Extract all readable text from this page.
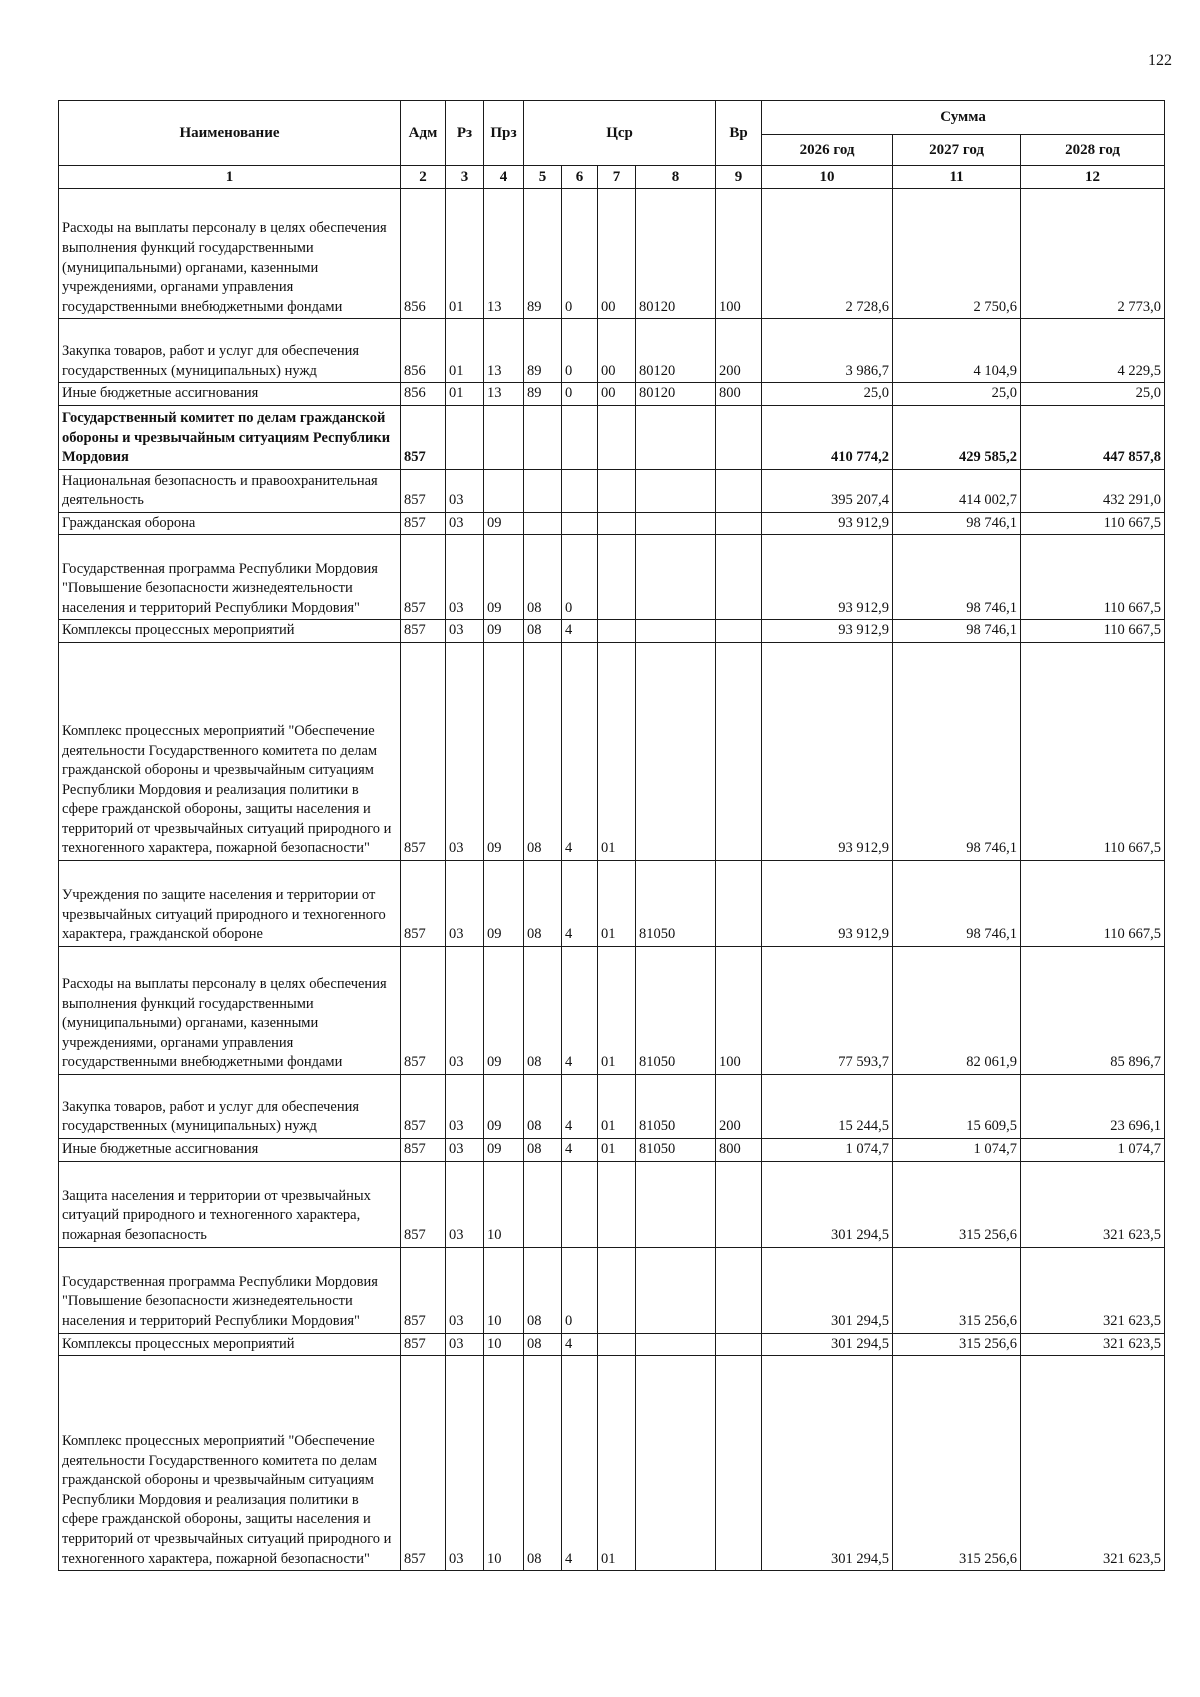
122
Наименование	Адм	Рз	Прз	Цср				Вр	Сумма		
									2026 год	2027 год	2028 год
1	2	3	4	5	6	7	8	9	10	11	12
Расходы на выплаты персоналу в целях обеспечения выполнения функций государственными (муниципальными) органами, казенными учреждениями, органами управления государственными внебюджетными фондами	856	01	13	89	0	00	80120	100	2 728,6	2 750,6	2 773,0
Закупка товаров, работ и услуг для обеспечения государственных (муниципальных) нужд	856	01	13	89	0	00	80120	200	3 986,7	4 104,9	4 229,5
Иные бюджетные ассигнования	856	01	13	89	0	00	80120	800	25,0	25,0	25,0
Государственный комитет по делам гражданской обороны и чрезвычайным ситуациям Республики Мордовия	857								410 774,2	429 585,2	447 857,8
Национальная безопасность и правоохранительная деятельность	857	03							395 207,4	414 002,7	432 291,0
Гражданская оборона	857	03	09						93 912,9	98 746,1	110 667,5
Государственная программа Республики Мордовия "Повышение безопасности жизнедеятельности населения и территорий Республики Мордовия"	857	03	09	08	0				93 912,9	98 746,1	110 667,5
Комплексы процессных мероприятий	857	03	09	08	4				93 912,9	98 746,1	110 667,5
Комплекс процессных мероприятий "Обеспечение деятельности Государственного комитета по делам гражданской обороны и чрезвычайным ситуациям Республики Мордовия и реализация политики в сфере гражданской обороны, защиты населения и территорий от чрезвычайных ситуаций природного и техногенного характера, пожарной безопасности"	857	03	09	08	4	01			93 912,9	98 746,1	110 667,5
Учреждения по защите населения и территории от чрезвычайных ситуаций природного и техногенного характера, гражданской обороне	857	03	09	08	4	01	81050		93 912,9	98 746,1	110 667,5
Расходы на выплаты персоналу в целях обеспечения выполнения функций государственными (муниципальными) органами, казенными учреждениями, органами управления государственными внебюджетными фондами	857	03	09	08	4	01	81050	100	77 593,7	82 061,9	85 896,7
Закупка товаров, работ и услуг для обеспечения государственных (муниципальных) нужд	857	03	09	08	4	01	81050	200	15 244,5	15 609,5	23 696,1
Иные бюджетные ассигнования	857	03	09	08	4	01	81050	800	1 074,7	1 074,7	1 074,7
Защита населения и территории от чрезвычайных ситуаций природного и техногенного характера, пожарная безопасность	857	03	10						301 294,5	315 256,6	321 623,5
Государственная программа Республики Мордовия "Повышение безопасности жизнедеятельности населения и территорий Республики Мордовия"	857	03	10	08	0				301 294,5	315 256,6	321 623,5
Комплексы процессных мероприятий	857	03	10	08	4				301 294,5	315 256,6	321 623,5
Комплекс процессных мероприятий "Обеспечение деятельности Государственного комитета по делам гражданской обороны и чрезвычайным ситуациям Республики Мордовия и реализация политики в сфере гражданской обороны, защиты населения и территорий от чрезвычайных ситуаций природного и техногенного характера, пожарной безопасности"	857	03	10	08	4	01			301 294,5	315 256,6	321 623,5
